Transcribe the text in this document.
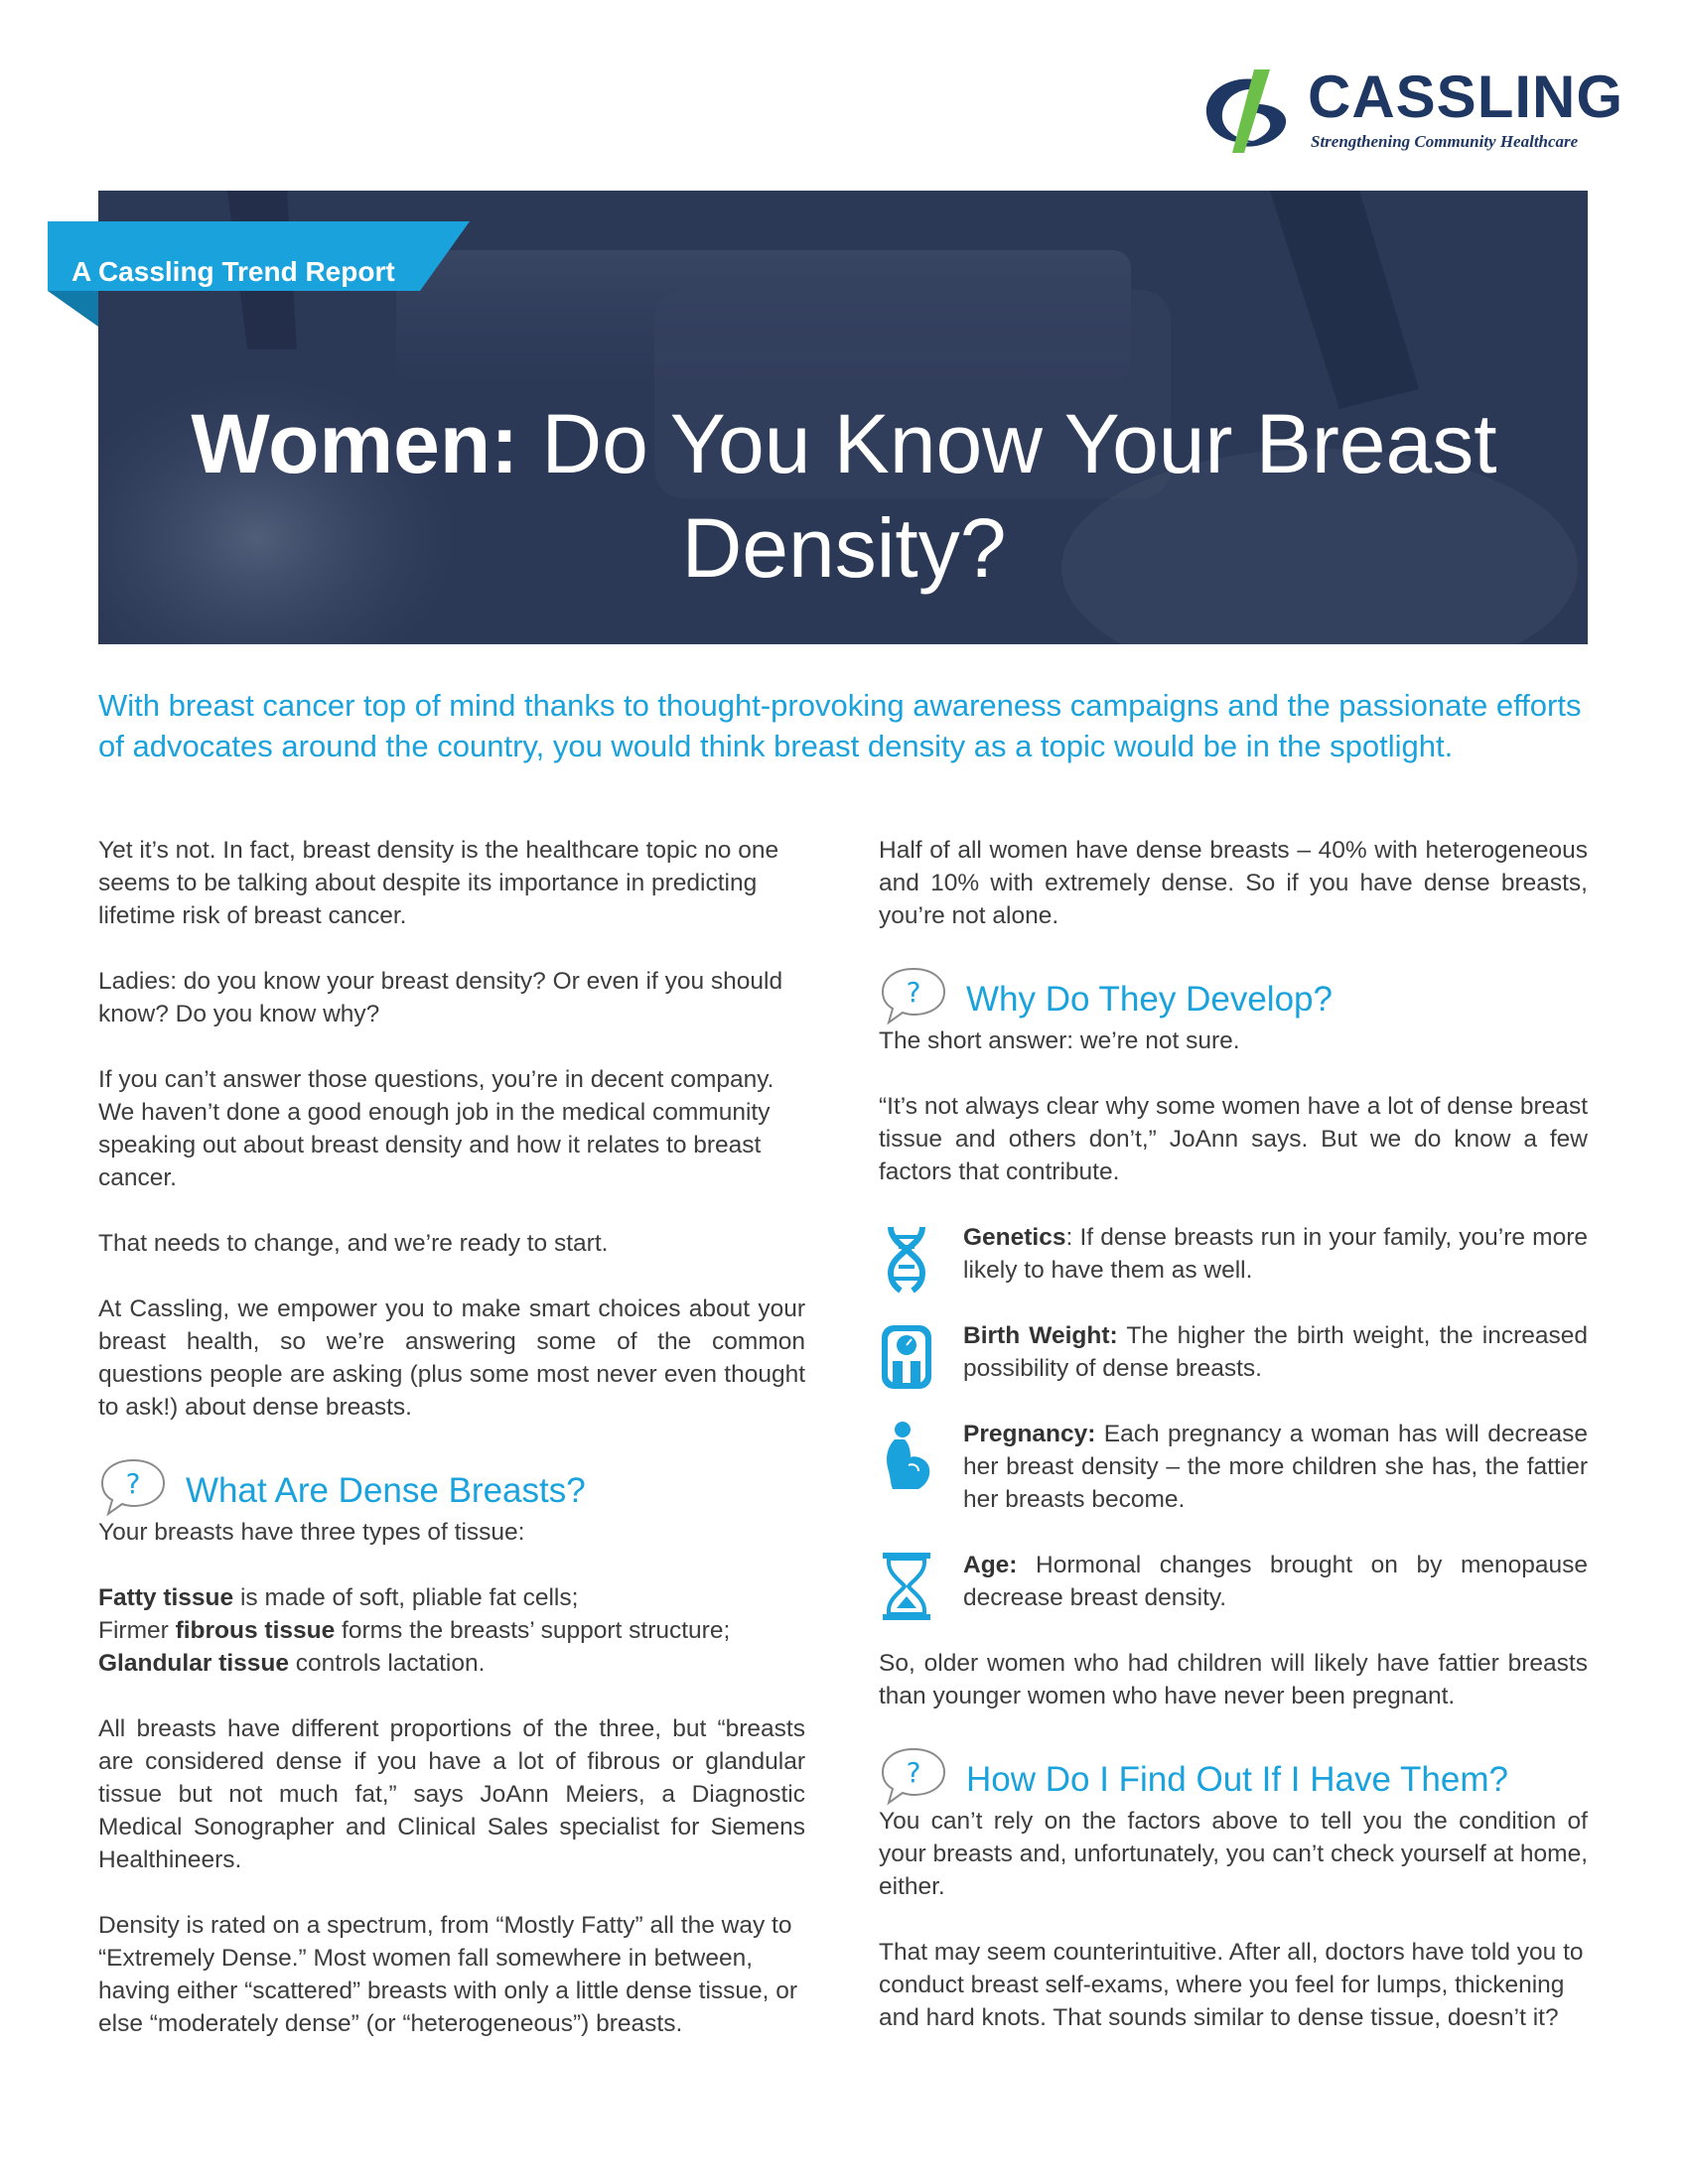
CASSLING
Strengthening Community Healthcare
A Cassling Trend Report
Women: Do You Know Your Breast
Density?
With breast cancer top of mind thanks to thought-provoking awareness campaigns and the passionate efforts of advocates around the country, you would think breast density as a topic would be in the spotlight.

Yet it’s not. In fact, breast density is the healthcare topic no one seems to be talking about despite its importance in predicting lifetime risk of breast cancer.

Ladies: do you know your breast density? Or even if you should know? Do you know why?

If you can’t answer those questions, you’re in decent company. We haven’t done a good enough job in the medical community speaking out about breast density and how it relates to breast cancer.

That needs to change, and we’re ready to start.

At Cassling, we empower you to make smart choices about your breast health, so we’re answering some of the common questions people are asking (plus some most never even thought to ask!) about dense breasts.

? What Are Dense Breasts?

Your breasts have three types of tissue:

Fatty tissue is made of soft, pliable fat cells;
Firmer fibrous tissue forms the breasts’ support structure;
Glandular tissue controls lactation.

All breasts have different proportions of the three, but “breasts are considered dense if you have a lot of fibrous or glandular tissue but not much fat,” says JoAnn Meiers, a Diagnostic Medical Sonographer and Clinical Sales specialist for Siemens Healthineers.

Density is rated on a spectrum, from “Mostly Fatty” all the way to “Extremely Dense.” Most women fall somewhere in between, having either “scattered” breasts with only a little dense tissue, or else “moderately dense” (or “heterogeneous”) breasts.

Half of all women have dense breasts – 40% with heterogeneous and 10% with extremely dense. So if you have dense breasts, you’re not alone.

? Why Do They Develop?

The short answer: we’re not sure.

“It’s not always clear why some women have a lot of dense breast tissue and others don’t,” JoAnn says. But we do know a few factors that contribute.

Genetics: If dense breasts run in your family, you’re more likely to have them as well.
Birth Weight: The higher the birth weight, the increased possibility of dense breasts.
Pregnancy: Each pregnancy a woman has will decrease her breast density – the more children she has, the fattier her breasts become.
Age: Hormonal changes brought on by menopause decrease breast density.

So, older women who had children will likely have fattier breasts than younger women who have never been pregnant.

? How Do I Find Out If I Have Them?

You can’t rely on the factors above to tell you the condition of your breasts and, unfortunately, you can’t check yourself at home, either.

That may seem counterintuitive. After all, doctors have told you to conduct breast self-exams, where you feel for lumps, thickening and hard knots. That sounds similar to dense tissue, doesn’t it?
